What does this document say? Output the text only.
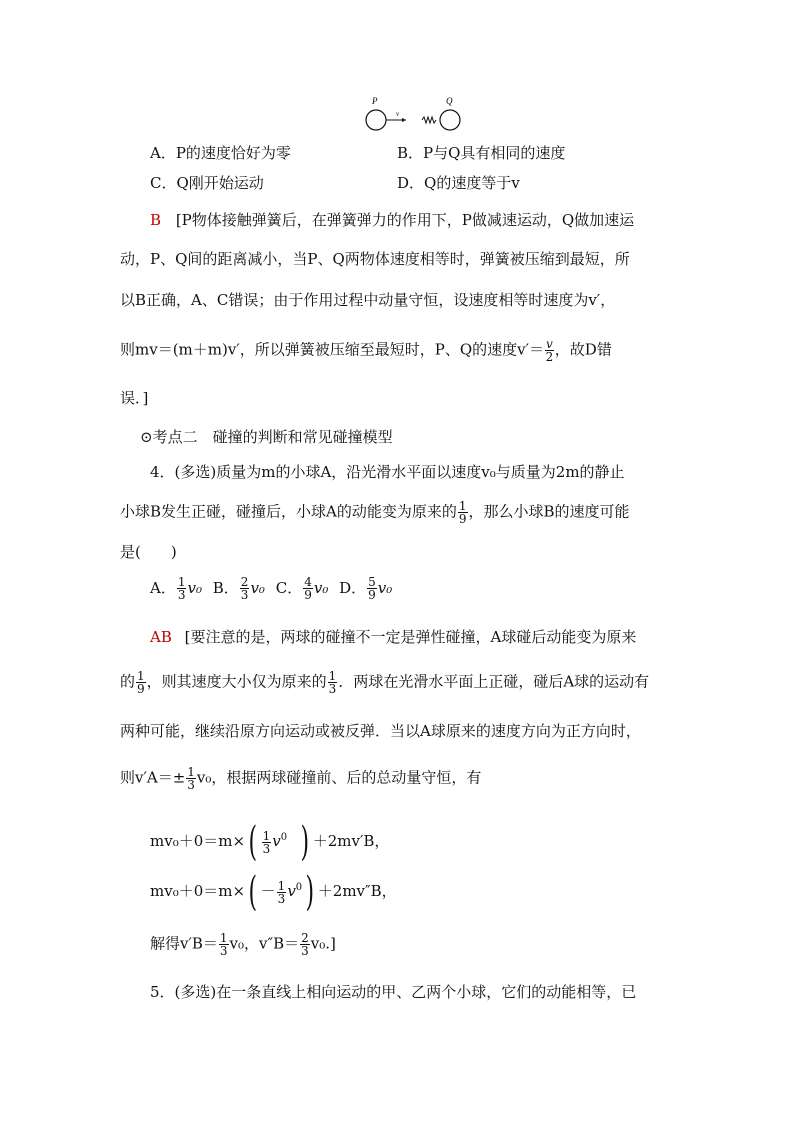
P
v
Q
A．P的速度恰好为零	B．P与Q具有相同的速度
C．Q刚开始运动	D．Q的速度等于v
B [P物体接触弹簧后，在弹簧弹力的作用下，P做减速运动，Q做加速运
动，P、Q间的距离减小，当P、Q两物体速度相等时，弹簧被压缩到最短，所
以B正确，A、C错误；由于作用过程中动量守恒，设速度相等时速度为v′，
则mv＝(m＋m)v′，所以弹簧被压缩至最短时，P、Q的速度$v'= \frac{v}{2}$ ，故D错
误．]
⊙考点二　碰撞的判断和常见碰撞模型
4．(多选)质量为m的小球A，沿光滑水平面以速度v₀与质量为2m的静止
小球B发生正碰，碰撞后，小球A的动能变为原来的 $\frac{1}{9}$ ，那么小球B的速度可能
是(　　)
A． $\frac{1}{3} v_0$ B． $\frac{2}{3} v_0$ C． $\frac{4}{9} v_0$ D． $\frac{5}{9} v_0$
AB [要注意的是，两球的碰撞不一定是弹性碰撞，A球碰后动能变为原来
的 $\frac{1}{9}$ ，则其速度大小仅为原来的 $\frac{1}{3}$ ．两球在光滑水平面上正碰，碰后A球的运动有
两种可能，继续沿原方向运动或被反弹．当以A球原来的速度方向为正方向时，
则$v'A=\pm \frac{1}{3} v_0$，根据两球碰撞前、后的总动量守恒，有
$mv_0+0=m\times( \frac{1}{3} v^0$ ) ＋2mv′B，
$mv_0+0=m\times( - \frac{1}{3} v^0) +2mv''B$，
解得$v'B= \frac{1}{3} v_0$，$v''B= \frac{2}{3} v_0$.]
5．(多选)在一条直线上相向运动的甲、乙两个小球，它们的动能相等，已
